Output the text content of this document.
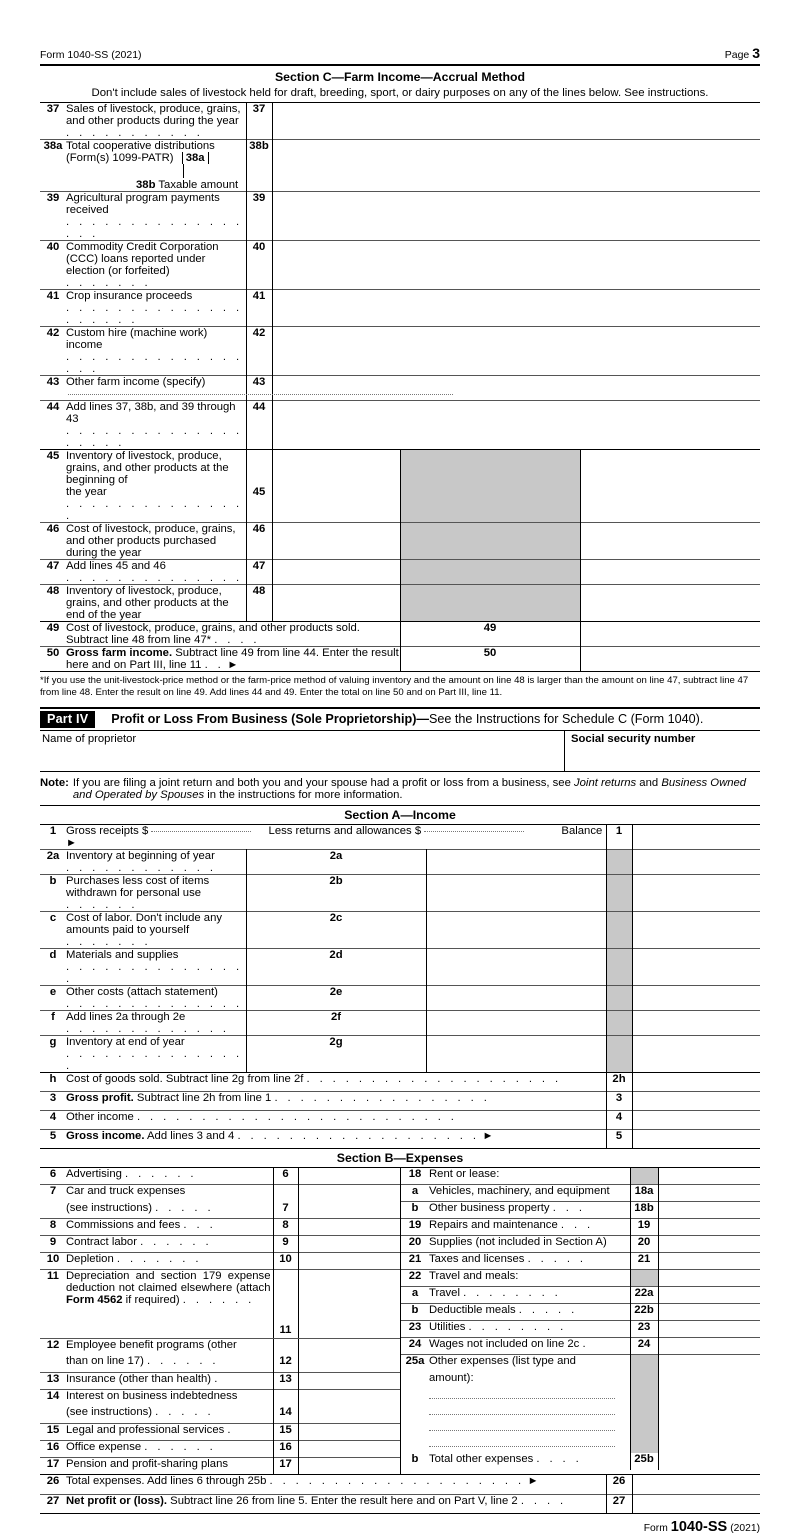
Form 1040-SS (2021)	Page 3
Section C—Farm Income—Accrual Method
Don't include sales of livestock held for draft, breeding, sport, or dairy purposes on any of the lines below. See instructions.
37	Sales of livestock, produce, grains, and other products during the year . . . . . . . . . . .	37			
38a	Total cooperative distributions (Form(s) 1099-PATR) 38a  38b Taxable amount	38b			
39	Agricultural program payments received . . . . . . . . . . . . . . . . .	39			
40	Commodity Credit Corporation (CCC) loans reported under election (or forfeited) . . . . . . .	40			
41	Crop insurance proceeds . . . . . . . . . . . . . . . . . . . .	41			
42	Custom hire (machine work) income . . . . . . . . . . . . . . . . .	42			
43	Other farm income (specify)	43			
44	Add lines 37, 38b, and 39 through 43 . . . . . . . . . . . . . . . . . . .	44			
45	Inventory of livestock, produce, grains, and other products at the beginning of				
	the year . . . . . . . . . . . . . . .	45			
46	Cost of livestock, produce, grains, and other products purchased during the year	46			
47	Add lines 45 and 46 . . . . . . . . . . . . . .	47			
48	Inventory of livestock, produce, grains, and other products at the end of the year	48			
49	Cost of livestock, produce, grains, and other products sold. Subtract line 48 from line 47* . . . .			49	
50	Gross farm income. Subtract line 49 from line 44. Enter the result here and on Part III, line 11 . . ►			50	
*If you use the unit-livestock-price method or the farm-price method of valuing inventory and the amount on line 48 is larger than the amount on line 47, subtract line 47 from line 48. Enter the result on line 49. Add lines 44 and 49. Enter the total on line 50 and on Part III, line 11.
Part IV	Profit or Loss From Business (Sole Proprietorship)—See the Instructions for Schedule C (Form 1040).
Name of proprietor	Social security number
Note: If you are filing a joint return and both you and your spouse had a profit or loss from a business, see Joint returns and Business Owned and Operated by Spouses in the instructions for more information.
Section A—Income
1	Gross receipts $ Less returns and allowances $ Balance ►			1	
2a	Inventory at beginning of year . . . . . . . . . . . .	2a			
b	Purchases less cost of items withdrawn for personal use . . . . . .	2b			
c	Cost of labor. Don't include any amounts paid to yourself . . . . . . .	2c			
d	Materials and supplies . . . . . . . . . . . . . . .	2d			
e	Other costs (attach statement) . . . . . . . . . . . . . .	2e			
f	Add lines 2a through 2e . . . . . . . . . . . . .	2f			
g	Inventory at end of year . . . . . . . . . . . . . . .	2g			
h	Cost of goods sold. Subtract line 2g from line 2f . . . . . . . . . . . . . . . . . . . .			2h	
3	Gross profit. Subtract line 2h from line 1 . . . . . . . . . . . . . . . . .			3	
4	Other income . . . . . . . . . . . . . . . . . . . . . . . . .			4	
5	Gross income. Add lines 3 and 4 . . . . . . . . . . . . . . . . . . . ►			5	
Section B—Expenses
6	Advertising . . . . . .	6	
7	Car and truck expenses		
	(see instructions) . . . . .	7	
8	Commissions and fees . . .	8	
9	Contract labor . . . . . .	9	
10	Depletion . . . . . . .	10	
11	Depreciation and section 179 expense deduction not claimed elsewhere (attach Form 4562 if required) . . . . . .	11	

12	Employee benefit programs (other		
	than on line 17) . . . . . .	12	
13	Insurance (other than health) .	13	
14	Interest on business indebtedness		
	(see instructions) . . . . .	14	
15	Legal and professional services .	15	
16	Office expense . . . . . .	16	
17	Pension and profit-sharing plans	17	
18	Rent or lease:		
a	Vehicles, machinery, and equipment	18a	
b	Other business property . . .	18b	
19	Repairs and maintenance . . .	19	
20	Supplies (not included in Section A)	20	
21	Taxes and licenses . . . . .	21	
22	Travel and meals:		
a	Travel . . . . . . . .	22a	
b	Deductible meals . . . . .	22b	
23	Utilities . . . . . . . .	23	
24	Wages not included on line 2c .	24	
25a	Other expenses (list type and		
	amount):		

b	Total other expenses . . . .	25b	
26	Total expenses. Add lines 6 through 25b . . . . . . . . . . . . . . . . . . . . ►	26	
27	Net profit or (loss). Subtract line 26 from line 5. Enter the result here and on Part V, line 2 . . . .	27	
Form 1040-SS (2021)
